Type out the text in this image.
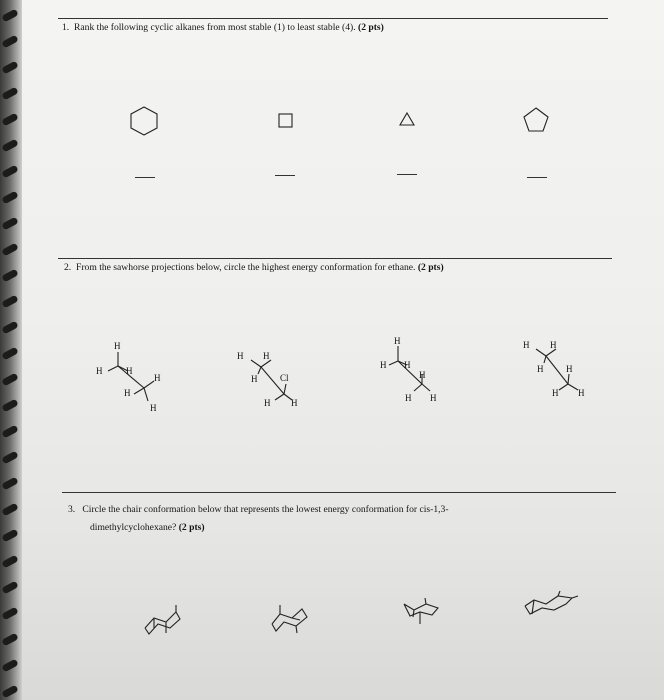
1. Rank the following cyclic alkanes from most stable (1) to least stable (4). (2 pts)
2. From the sawhorse projections below, circle the highest energy conformation for ethane. (2 pts)
H
H	H
H
H
H
H H
H	Cl
H H
H
H H
H
H H
H H
H	H
H H
3. Circle the chair conformation below that represents the lowest energy conformation for cis-1,3-
dimethylcyclohexane? (2 pts)
